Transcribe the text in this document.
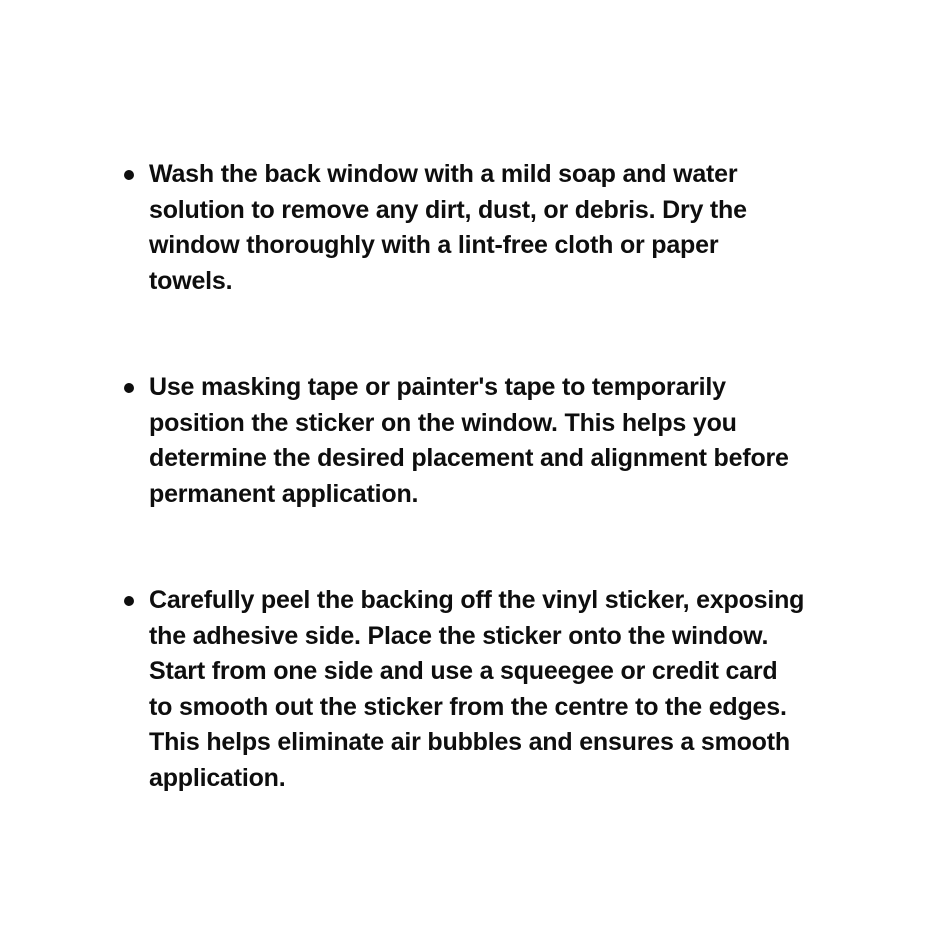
Wash the back window with a mild soap and water
solution to remove any dirt, dust, or debris. Dry the
window thoroughly with a lint-free cloth or paper
towels.
Use masking tape or painter's tape to temporarily
position the sticker on the window. This helps you
determine the desired placement and alignment before
permanent application.
Carefully peel the backing off the vinyl sticker, exposing
the adhesive side. Place the sticker onto the window.
Start from one side and use a squeegee or credit card
to smooth out the sticker from the centre to the edges.
This helps eliminate air bubbles and ensures a smooth
application.
